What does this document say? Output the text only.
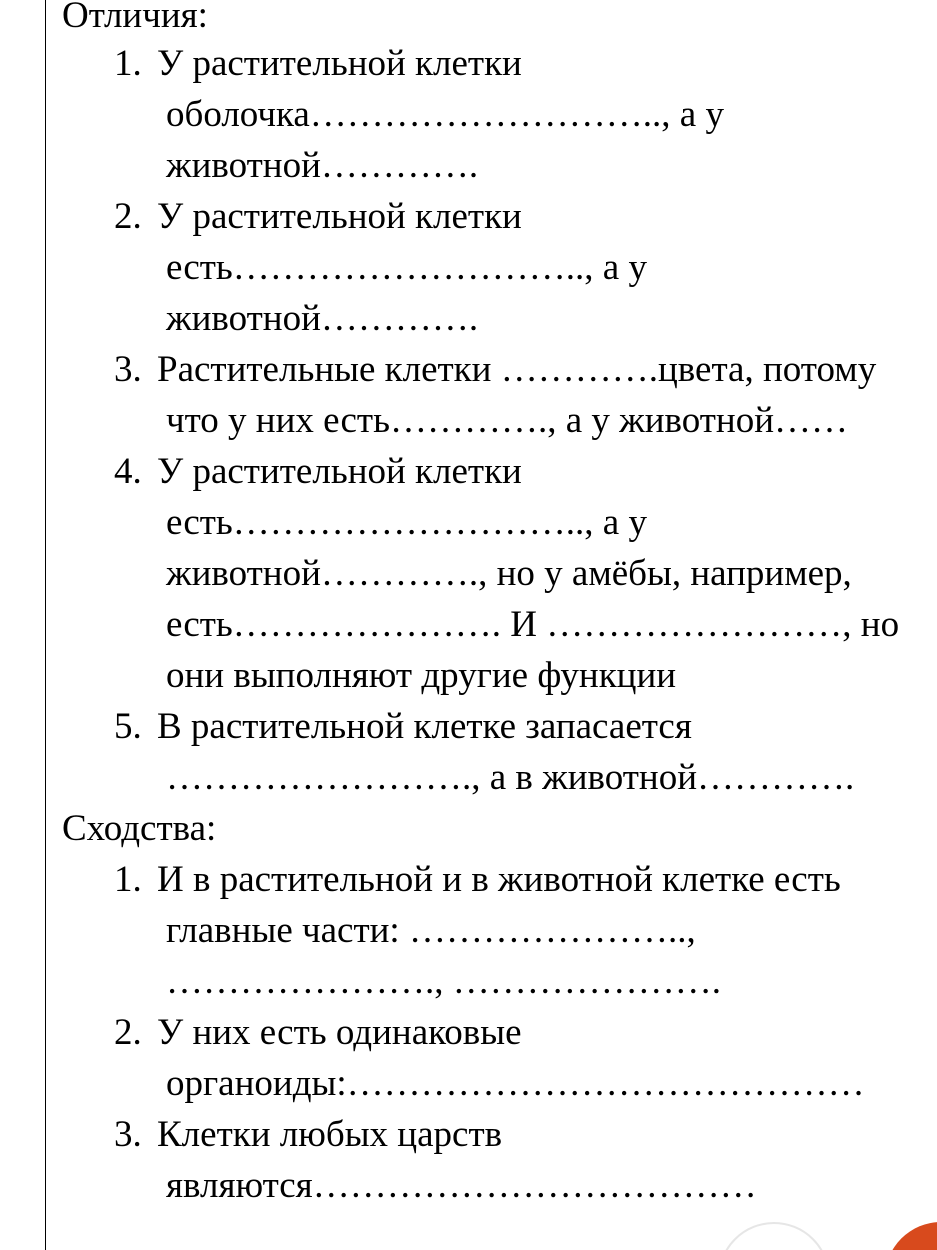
Отличия:

1. У растительной клетки

оболочка……………………….., а у

животной………….

2. У растительной клетки

есть……………………….., а у

животной………….

3. Растительные клетки ………….цвета, потому

что у них есть…………., а у животной……

4. У растительной клетки

есть……………………….., а у

животной…………., но у амёбы, например,

есть…………………. И ……………………, но

они выполняют другие функции

5. В растительной клетке запасается

……………………., а в животной………….

Сходства:

1. И в растительной и в животной клетке есть

главные части: …………………..,

…………………., ………………….

2. У них есть одинаковые

органоиды:……………………………………

3. Клетки любых царств

являются………………………………
